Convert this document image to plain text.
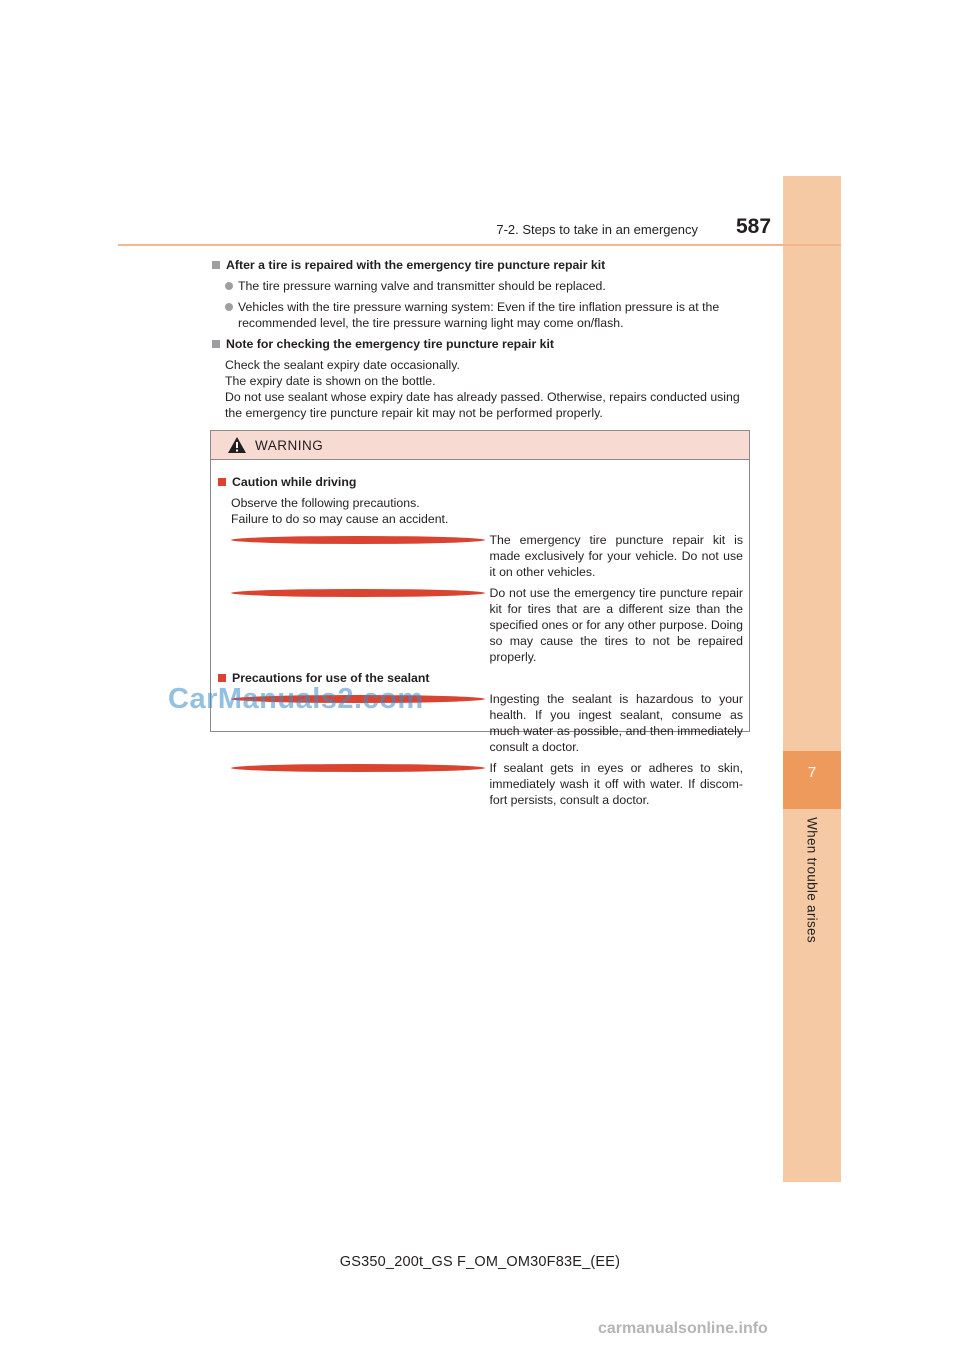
7
When trouble arises
7-2. Steps to take in an emergency 587
After a tire is repaired with the emergency tire puncture repair kit
The tire pressure warning valve and transmitter should be replaced.
Vehicles with the tire pressure warning system: Even if the tire inflation pressure is at the recommended level, the tire pressure warning light may come on/flash.
Note for checking the emergency tire puncture repair kit
Check the sealant expiry date occasionally.
The expiry date is shown on the bottle.
Do not use sealant whose expiry date has already passed. Otherwise, repairs conducted using the emergency tire puncture repair kit may not be performed properly.
WARNING
Caution while driving
Observe the following precautions.
Failure to do so may cause an accident.
The emergency tire puncture repair kit is made exclusively for your vehicle. Do not use it on other vehicles.
Do not use the emergency tire puncture repair kit for tires that are a different size than the specified ones or for any other purpose. Doing so may cause the tires to not be repaired properly.
Precautions for use of the sealant
Ingesting the sealant is hazardous to your health. If you ingest sealant, consume as much water as possible, and then immediately consult a doctor.
If sealant gets in eyes or adheres to skin, immediately wash it off with water. If discom-fort persists, consult a doctor.
CarManuals2.com
GS350_200t_GS F_OM_OM30F83E_(EE)
carmanualsonline.info
